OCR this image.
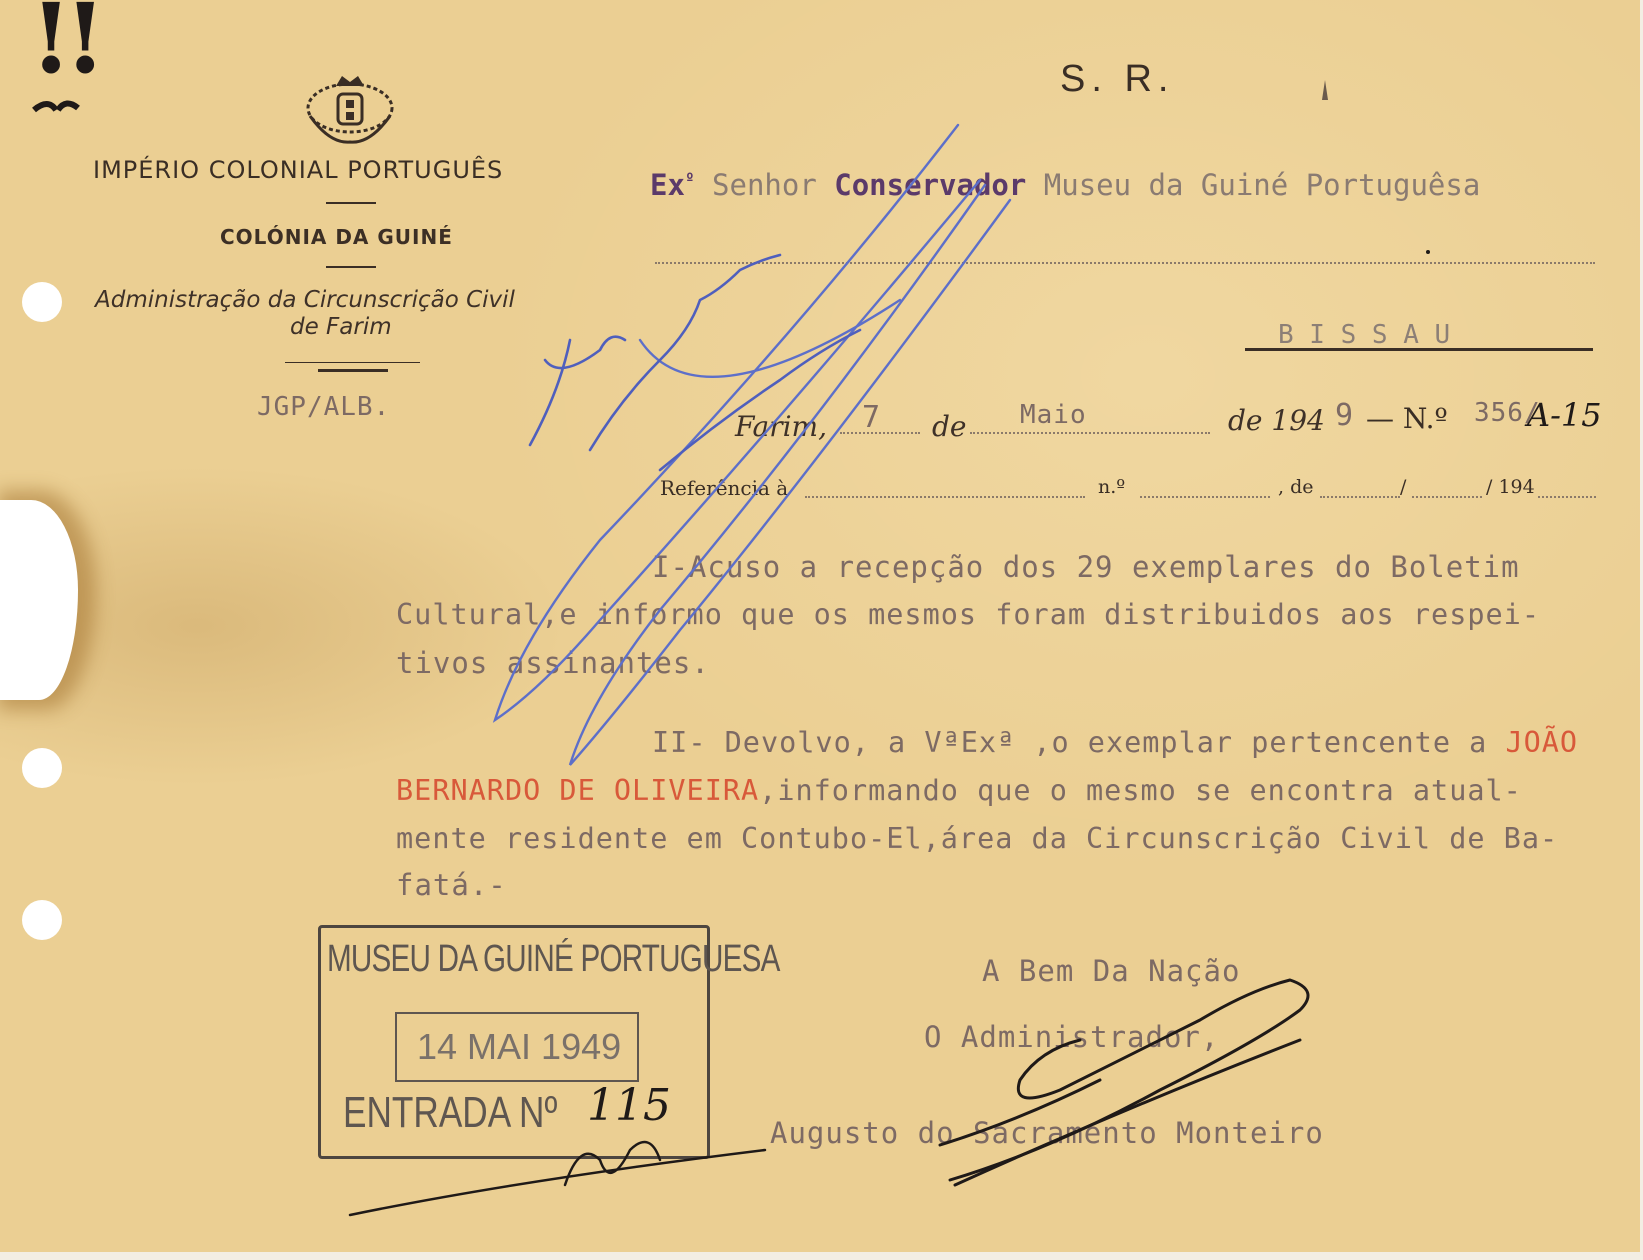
!!
IMPÉRIO COLONIAL PORTUGUÊS
COLÓNIA DA GUINÉ
Administração da Circunscrição Civil
de Farim
JGP/ALB.
S. R.
$Ex^º$ Senhor Conservador Museu da Guiné Portuguêsa
B I S S A U
Farim, 7 de Maio	de 194 9 — N.º 356/
A-15
Referência à	n.º	, de	/	/ 194
I-Acuso a recepção dos 29 exemplares do Boletim
Cultural,e informo que os mesmos foram distribuidos aos respei-
tivos assinantes.
II- Devolvo, a VªExª ,o exemplar pertencente a JOÃO
BERNARDO DE OLIVEIRA,informando que o mesmo se encontra atual-
mente residente em Contubo-El,área da Circunscrição Civil de Ba-
fatá.-
A Bem Da Nação
O Administrador,
Augusto do Sacramento Monteiro
MUSEU DA GUINÉ PORTUGUESA
14 MAI 1949
ENTRADA Nº 115
